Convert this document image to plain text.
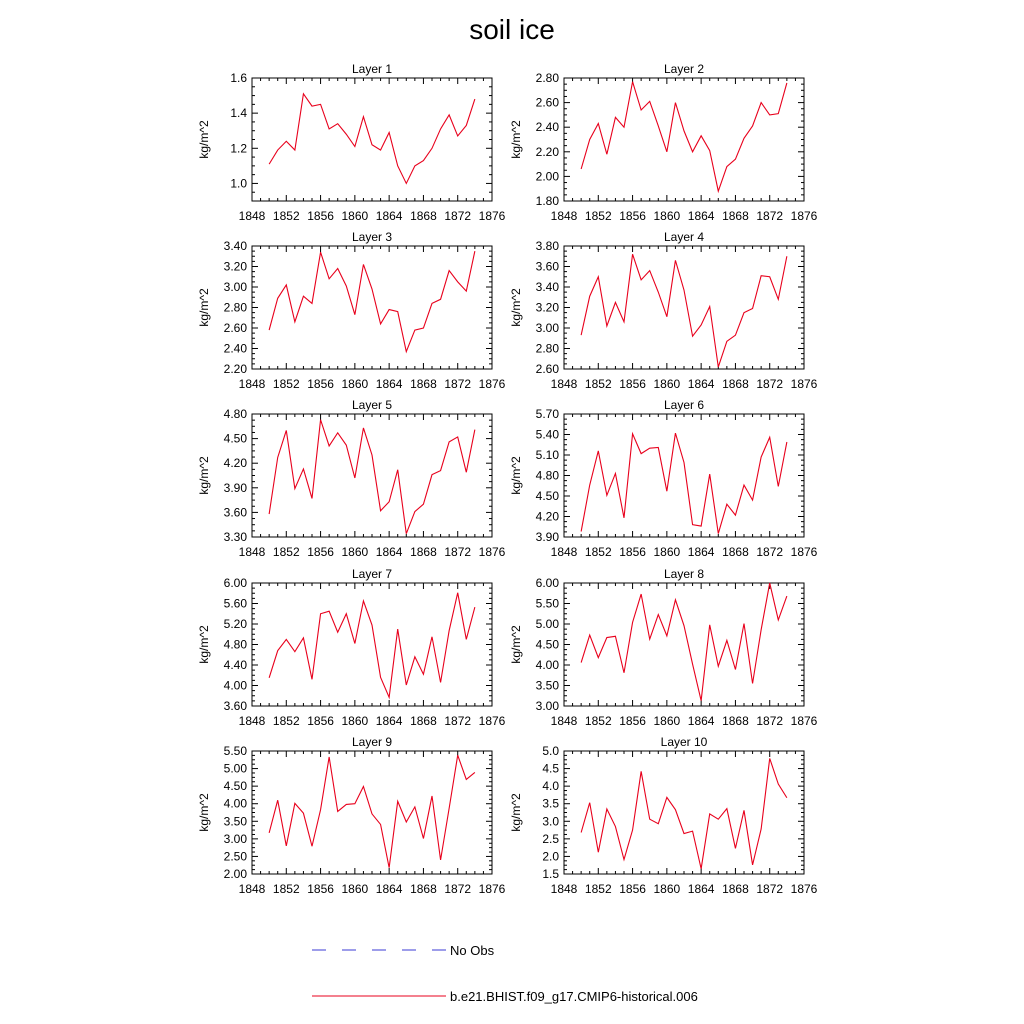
soil ice
Layer 1
kg/m^2
1848 1852 1856 1860 1864 1868 1872 1876
1.0
1.2
1.4
1.6
Layer 2
kg/m^2
1848 1852 1856 1860 1864 1868 1872 1876
1.80
2.00
2.20
2.40
2.60
2.80
Layer 3
kg/m^2
1848 1852 1856 1860 1864 1868 1872 1876
2.20
2.40
2.60
2.80
3.00
3.20
3.40
Layer 4
kg/m^2
1848 1852 1856 1860 1864 1868 1872 1876
2.60
2.80
3.00
3.20
3.40
3.60
3.80
Layer 5
kg/m^2
1848 1852 1856 1860 1864 1868 1872 1876
3.30
3.60
3.90
4.20
4.50
4.80
Layer 6
kg/m^2
1848 1852 1856 1860 1864 1868 1872 1876
3.90
4.20
4.50
4.80
5.10
5.40
5.70
Layer 7
kg/m^2
1848 1852 1856 1860 1864 1868 1872 1876
3.60
4.00
4.40
4.80
5.20
5.60
6.00
Layer 8
kg/m^2
1848 1852 1856 1860 1864 1868 1872 1876
3.00
3.50
4.00
4.50
5.00
5.50
6.00
Layer 9
kg/m^2
1848 1852 1856 1860 1864 1868 1872 1876
2.00
2.50
3.00
3.50
4.00
4.50
5.00
5.50
Layer 10
kg/m^2
1848 1852 1856 1860 1864 1868 1872 1876
1.5
2.0
2.5
3.0
3.5
4.0
4.5
5.0
No Obs
b.e21.BHIST.f09_g17.CMIP6-historical.006
